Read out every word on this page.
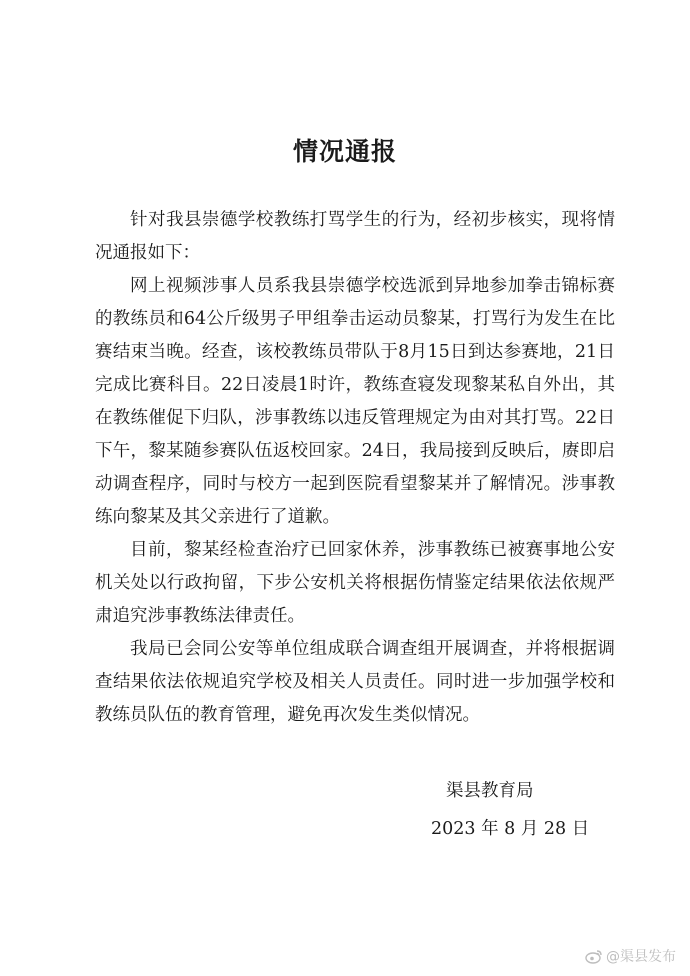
情况通报

针对我县崇德学校教练打骂学生的行为，经初步核实，现将情况通报如下：

网上视频涉事人员系我县崇德学校选派到异地参加拳击锦标赛的教练员和64公斤级男子甲组拳击运动员黎某，打骂行为发生在比赛结束当晚。经查，该校教练员带队于8月15日到达参赛地，21日完成比赛科目。22日凌晨1时许，教练查寝发现黎某私自外出，其在教练催促下归队，涉事教练以违反管理规定为由对其打骂。22日下午，黎某随参赛队伍返校回家。24日，我局接到反映后，赓即启动调查程序，同时与校方一起到医院看望黎某并了解情况。涉事教练向黎某及其父亲进行了道歉。

目前，黎某经检查治疗已回家休养，涉事教练已被赛事地公安机关处以行政拘留，下步公安机关将根据伤情鉴定结果依法依规严肃追究涉事教练法律责任。

我局已会同公安等单位组成联合调查组开展调查，并将根据调查结果依法依规追究学校及相关人员责任。同时进一步加强学校和教练员队伍的教育管理，避免再次发生类似情况。

渠县教育局
2023 年 8 月 28 日
@渠县发布
